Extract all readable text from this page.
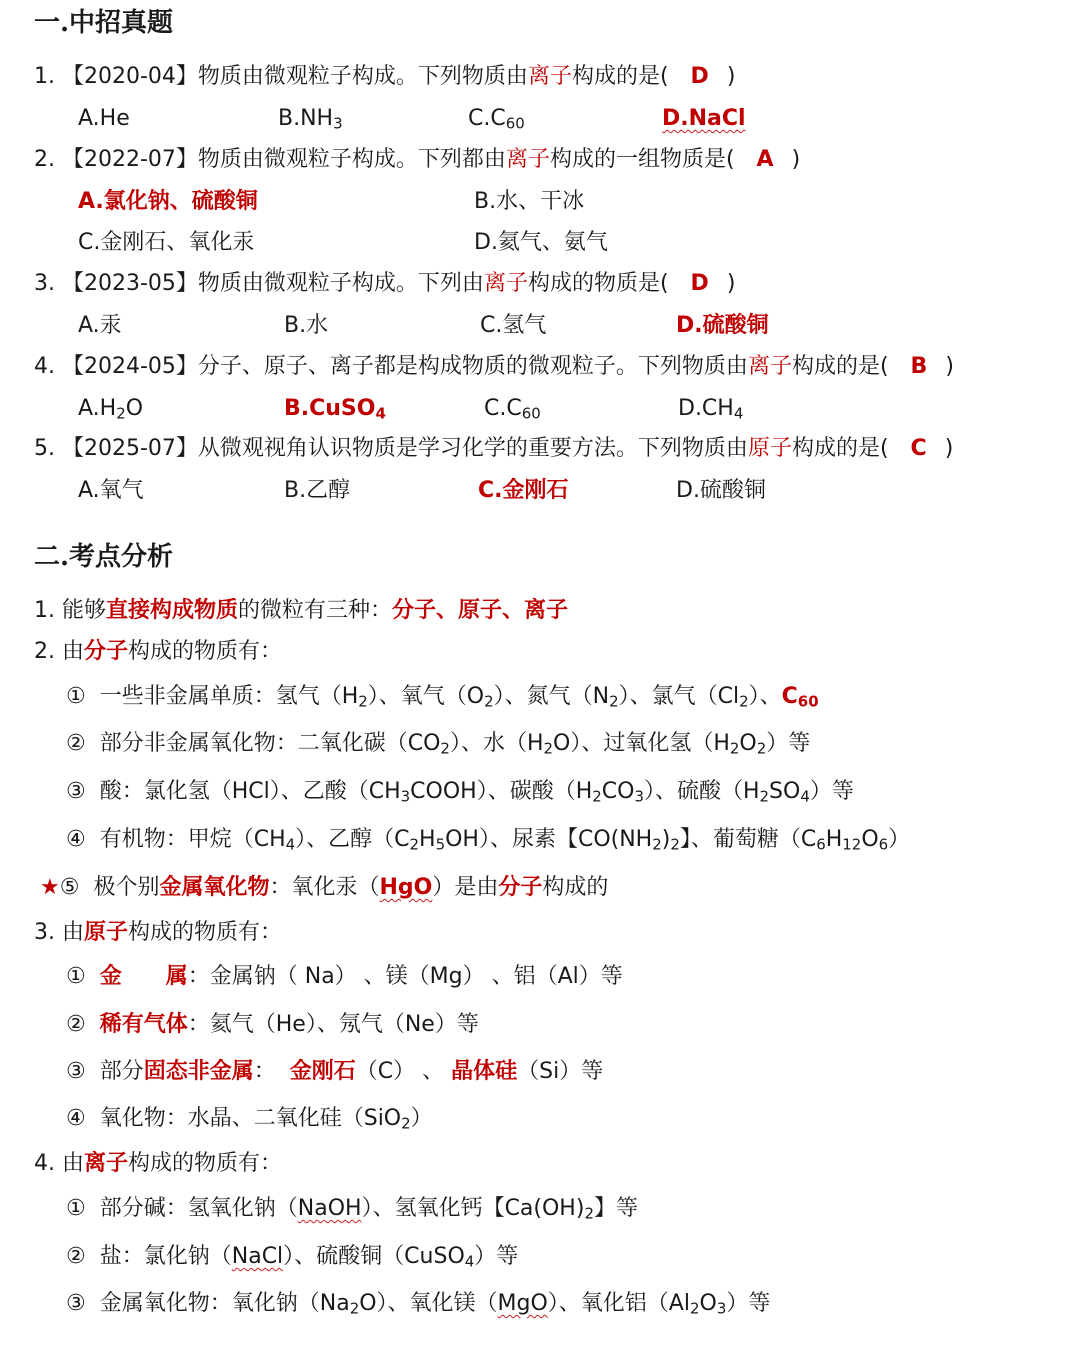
一.中招真题
1. 【2020-04】物质由微观粒子构成。下列物质由离子构成的是( D )
A.He	$B.NH_3$	$C.C_{60}$	D.NaCl
2. 【2022-07】物质由微观粒子构成。下列都由离子构成的一组物质是( A )
A.氯化钠、硫酸铜	B.水、干冰
C.金刚石、氧化汞	D.氦气、氨气
3. 【2023-05】物质由微观粒子构成。下列由离子构成的物质是( D )
A.汞	B.水	C.氢气	D.硫酸铜
4. 【2024-05】分子、原子、离子都是构成物质的微观粒子。下列物质由离子构成的是( B )
$A.H_2O$	B.CuSO$_4$	$C.C_{60}$	$D.CH_4$
5. 【2025-07】从微观视角认识物质是学习化学的重要方法。下列物质由原子构成的是( C )
A.氧气	B.乙醇	C.金刚石	D.硫酸铜
二.考点分析
1. 能够直接构成物质的微粒有三种：分子、原子、离子
2. 由分子构成的物质有：
① 一些非金属单质：氢气$(H_2)$、氧气$(O_2)$、氮气$(N_2)$、氯气$(Cl_2)$、$C_{60}$
② 部分非金属氧化物：二氧化碳$(CO_2)$、水$(H_2O)$、过氧化氢$(H_2O_2)$等
③ 酸：氯化氢（HCl）、乙酸$(CH_3COOH)$、碳酸$(H_2CO_3)$、硫酸$(H_2SO_4)$等
④ 有机物：甲烷$(CH_4)$、乙醇$(C_2H_5OH)$、尿素【$CO(NH_2)_2$】、葡萄糖$(C_6H_{12}O_6)$
★⑤ 极个别金属氧化物：氧化汞（HgO）是由分子构成的
3. 由原子构成的物质有：
① 金　　属：金属钠（ Na） 、镁（Mg） 、铝（Al）等
② 稀有气体：氦气（He）、氖气（Ne）等
③ 部分固态非金属： 金刚石（C） 、 晶体硅（Si）等
④ 氧化物：水晶、二氧化硅（SiO$_2$）
4. 由离子构成的物质有：
① 部分碱：氢氧化钠（NaOH）、氢氧化钙【$Ca(OH)_2$】等
② 盐：氯化钠（NaCl）、硫酸铜（CuSO$_4$）等
③ 金属氧化物：氧化钠$(Na_2O)$、氧化镁（MgO）、氧化铝$(Al_2O_3)$等
